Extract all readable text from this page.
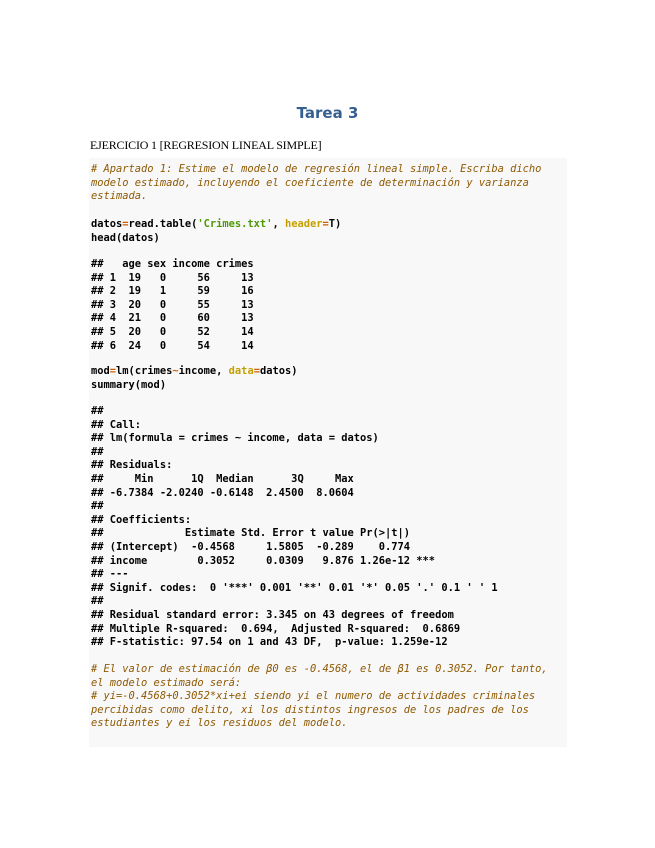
Tarea 3
EJERCICIO 1 [REGRESION LINEAL SIMPLE]
# Apartado 1: Estime el modelo de regresión lineal simple. Escriba dicho modelo estimado, incluyendo el coeficiente de determinación y varianza estimada.
datos=read.table('Crimes.txt', header=T)
head(datos)
##   age sex income crimes
## 1  19   0     56     13
## 2  19   1     59     16
## 3  20   0     55     13
## 4  21   0     60     13
## 5  20   0     52     14
## 6  24   0     54     14
mod=lm(crimes~income, data=datos)
summary(mod)
##
## Call:
## lm(formula = crimes ~ income, data = datos)
##
## Residuals:
##     Min      1Q  Median      3Q     Max
## -6.7384 -2.0240 -0.6148  2.4500  8.0604
##
## Coefficients:
##             Estimate Std. Error t value Pr(>|t|)
## (Intercept)  -0.4568     1.5805  -0.289    0.774
## income        0.3052     0.0309   9.876 1.26e-12 ***
## ---
## Signif. codes:  0 '***' 0.001 '**' 0.01 '*' 0.05 '.' 0.1 ' ' 1
##
## Residual standard error: 3.345 on 43 degrees of freedom
## Multiple R-squared:  0.694,  Adjusted R-squared:  0.6869
## F-statistic: 97.54 on 1 and 43 DF,  p-value: 1.259e-12
# El valor de estimación de β0 es -0.4568, el de β1 es 0.3052. Por tanto, el modelo estimado será:
# yi=-0.4568+0.3052*xi+ei siendo yi el numero de actividades criminales percibidas como delito, xi los distintos ingresos de los padres de los estudiantes y ei los residuos del modelo.
